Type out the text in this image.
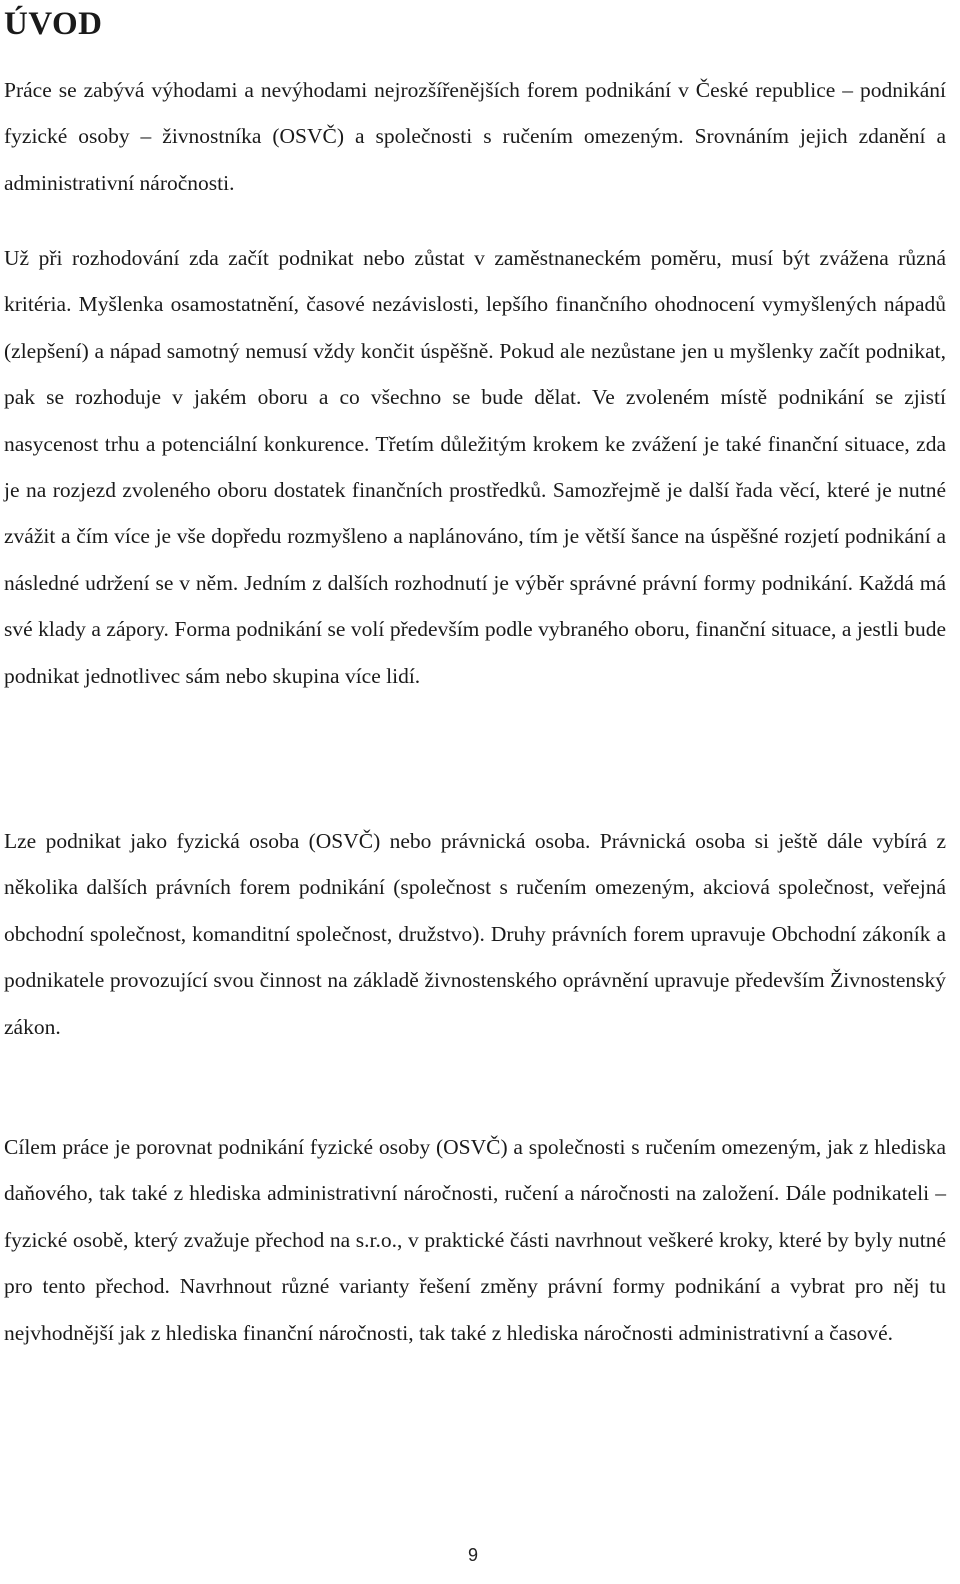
ÚVOD

Práce se zabývá výhodami a nevýhodami nejrozšířenějších forem podnikání v České republice – podnikání fyzické osoby – živnostníka (OSVČ) a společnosti s ručením omezeným. Srovnáním jejich zdanění a administrativní náročnosti.

Už při rozhodování zda začít podnikat nebo zůstat v zaměstnaneckém poměru, musí být zvážena různá kritéria. Myšlenka osamostatnění, časové nezávislosti, lepšího finančního ohodnocení vymyšlených nápadů (zlepšení) a nápad samotný nemusí vždy končit úspěšně. Pokud ale nezůstane jen u myšlenky začít podnikat, pak se rozhoduje v jakém oboru a co všechno se bude dělat. Ve zvoleném místě podnikání se zjistí nasycenost trhu a potenciální konkurence. Třetím důležitým krokem ke zvážení je také finanční situace, zda je na rozjezd zvoleného oboru dostatek finančních prostředků. Samozřejmě je další řada věcí, které je nutné zvážit a čím více je vše dopředu rozmyšleno a naplánováno, tím je větší šance na úspěšné rozjetí podnikání a následné udržení se v něm. Jedním z dalších rozhodnutí je výběr správné právní formy podnikání. Každá má své klady a zápory. Forma podnikání se volí především podle vybraného oboru, finanční situace, a jestli bude podnikat jednotlivec sám nebo skupina více lidí.

Lze podnikat jako fyzická osoba (OSVČ) nebo právnická osoba. Právnická osoba si ještě dále vybírá z několika dalších právních forem podnikání (společnost s ručením omezeným, akciová společnost, veřejná obchodní společnost, komanditní společnost, družstvo). Druhy právních forem upravuje Obchodní zákoník a podnikatele provozující svou činnost na základě živnostenského oprávnění upravuje především Živnostenský zákon.

Cílem práce je porovnat podnikání fyzické osoby (OSVČ) a společnosti s ručením omezeným, jak z hlediska daňového, tak také z hlediska administrativní náročnosti, ručení a náročnosti na založení. Dále podnikateli – fyzické osobě, který zvažuje přechod na s.r.o., v praktické části navrhnout veškeré kroky, které by byly nutné pro tento přechod. Navrhnout různé varianty řešení změny právní formy podnikání a vybrat pro něj tu nejvhodnější jak z hlediska finanční náročnosti, tak také z hlediska náročnosti administrativní a časové.

9
